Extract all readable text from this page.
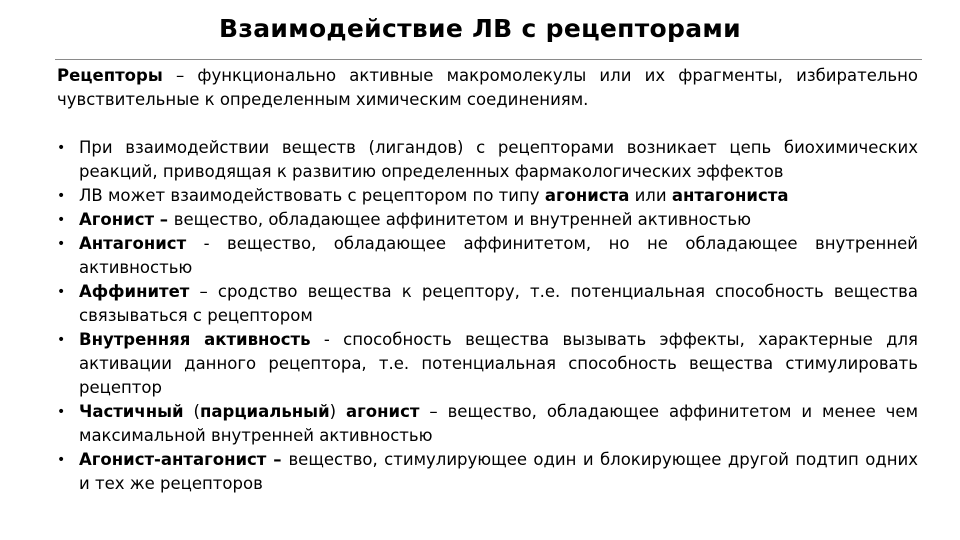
Взаимодействие ЛВ с рецепторами

Рецепторы – функционально активные макромолекулы или их фрагменты, избирательно чувствительные к определенным химическим соединениям.

• При взаимодействии веществ (лигандов) с рецепторами возникает цепь биохимических реакций, приводящая к развитию определенных фармакологических эффектов
• ЛВ может взаимодействовать с рецептором по типу агониста или антагониста
• Агонист – вещество, обладающее аффинитетом и внутренней активностью
• Антагонист - вещество, обладающее аффинитетом, но не обладающее внутренней активностью
• Аффинитет – сродство вещества к рецептору, т.е. потенциальная способность вещества связываться с рецептором
• Внутренняя активность - способность вещества вызывать эффекты, характерные для активации данного рецептора, т.е. потенциальная способность вещества стимулировать рецептор
• Частичный (парциальный) агонист – вещество, обладающее аффинитетом и менее чем максимальной внутренней активностью
• Агонист-антагонист – вещество, стимулирующее один и блокирующее другой подтип одних и тех же рецепторов
